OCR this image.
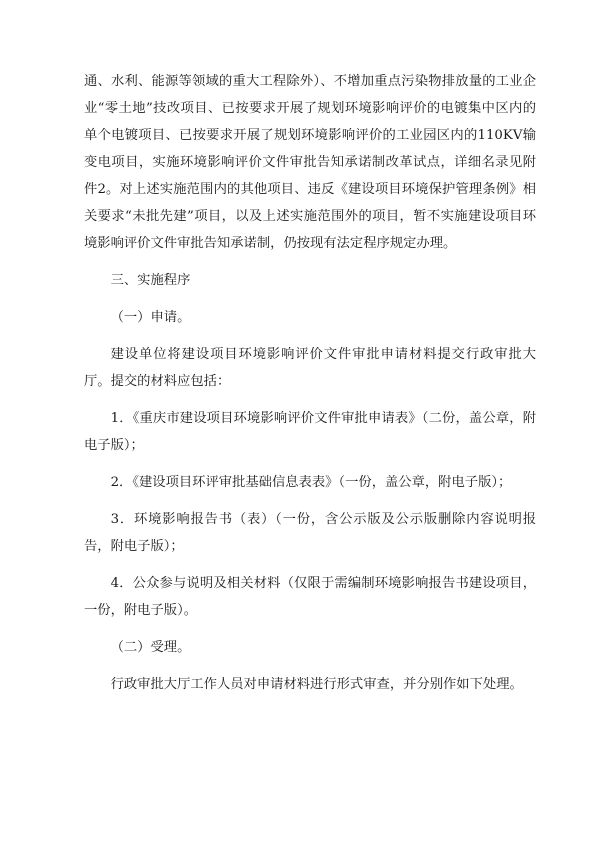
通、水利、能源等领域的重大工程除外）、不增加重点污染物排放量的工业企业“零土地”技改项目、已按要求开展了规划环境影响评价的电镀集中区内的单个电镀项目、已按要求开展了规划环境影响评价的工业园区内的110KV输变电项目，实施环境影响评价文件审批告知承诺制改革试点，详细名录见附件2。对上述实施范围内的其他项目、违反《建设项目环境保护管理条例》相关要求“未批先建”项目，以及上述实施范围外的项目，暂不实施建设项目环境影响评价文件审批告知承诺制，仍按现有法定程序规定办理。

三、实施程序

（一）申请。

建设单位将建设项目环境影响评价文件审批申请材料提交行政审批大厅。提交的材料应包括：

1．《重庆市建设项目环境影响评价文件审批申请表》（二份，盖公章，附电子版）；

2．《建设项目环评审批基础信息表表》（一份，盖公章，附电子版）；

3．环境影响报告书（表）（一份，含公示版及公示版删除内容说明报告，附电子版）；

4．公众参与说明及相关材料（仅限于需编制环境影响报告书建设项目，一份，附电子版）。

（二）受理。

行政审批大厅工作人员对申请材料进行形式审查，并分别作如下处理。
